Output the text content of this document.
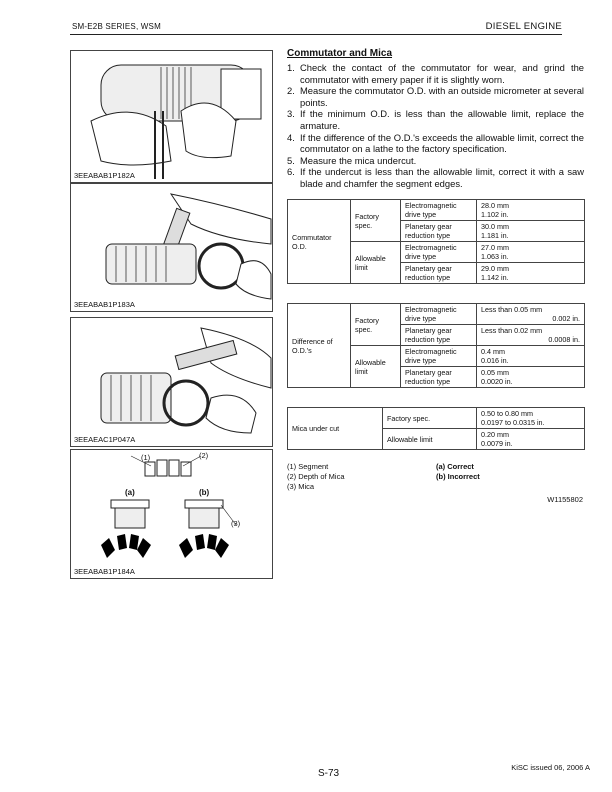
SM-E2B SERIES, WSM	DIESEL ENGINE
3EEABAB1P182A
3EEABAB1P183A
3EEAEAC1P047A
(1)	(2)
(3)
(a)	(b)
3EEABAB1P184A
Commutator and Mica
1. Check the contact of the commutator for wear, and grind the commutator with emery paper if it is slightly worn.
2. Measure the commutator O.D. with an outside micrometer at several points.
3. If the minimum O.D. is less than the allowable limit, replace the armature.
4. If the difference of the O.D.'s exceeds the allowable limit, correct the commutator on a lathe to the factory specification.
5. Measure the mica undercut.
6. If the undercut is less than the allowable limit, correct it with a saw blade and chamfer the segment edges.
Commutator O.D.	Factory spec.	Electromagnetic drive type	28.0 mm
1.102 in.

		Planetary gear reduction type	30.0 mm
1.181 in.

	Allowable limit	Electromagnetic drive type	27.0 mm
1.063 in.

		Planetary gear reduction type	29.0 mm
1.142 in.
Difference of O.D.'s	Factory spec.	Electromagnetic drive type	Less than 0.05 mm
0.002 in.

		Planetary gear reduction type	Less than 0.02 mm
0.0008 in.

	Allowable limit	Electromagnetic drive type	0.4 mm
0.016 in.

		Planetary gear reduction type	0.05 mm
0.0020 in.
Mica under cut	Factory spec.	0.50 to 0.80 mm
0.0197 to 0.0315 in.

	Allowable limit	0.20 mm
0.0079 in.
(1) Segment
(2) Depth of Mica
(3) Mica
(a) Correct
(b) Incorrect
W1155802
KiSC issued 06, 2006 A
S-73
